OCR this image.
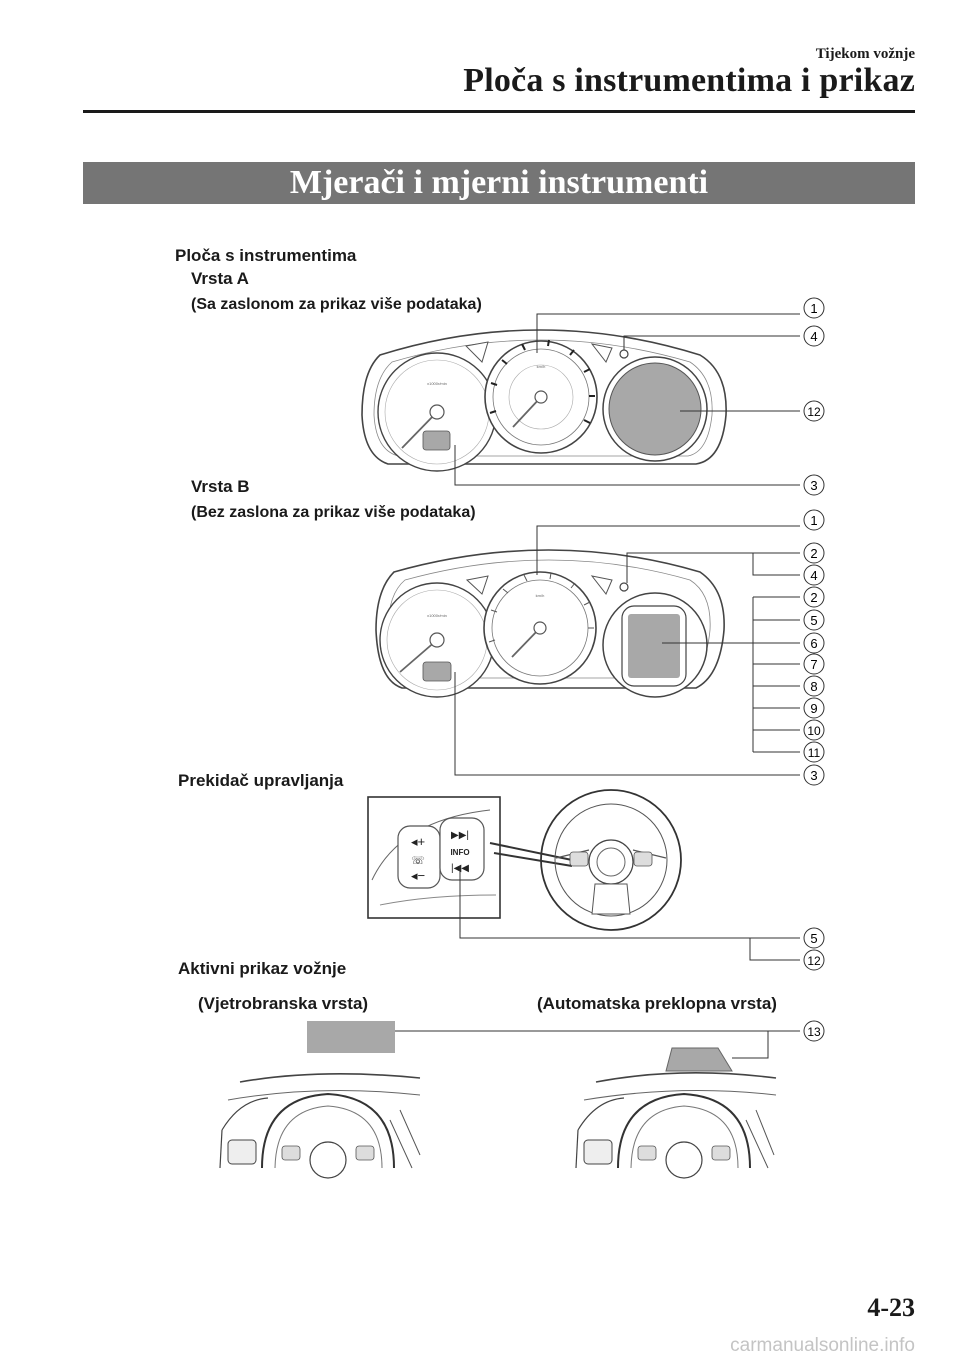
Tijekom vožnje
Ploča s instrumentima i prikaz
Mjerači i mjerni instrumenti
Ploča s instrumentima
Vrsta A
(Sa zaslonom za prikaz više podataka)
Vrsta B
(Bez zaslona za prikaz više podataka)
Prekidač upravljanja
Aktivni prikaz vožnje
(Vjetrobranska vrsta)	(Automatska preklopna vrsta)
x1000r/min
km/h
1
4
12
3
x1000r/min
km/h
1
2
4
2
5
6
7
8
9
10
11
3
◂+
☏
◂−
▶▶|
INFO
|◀◀
5
12
13
4-23
carmanualsonline.info
